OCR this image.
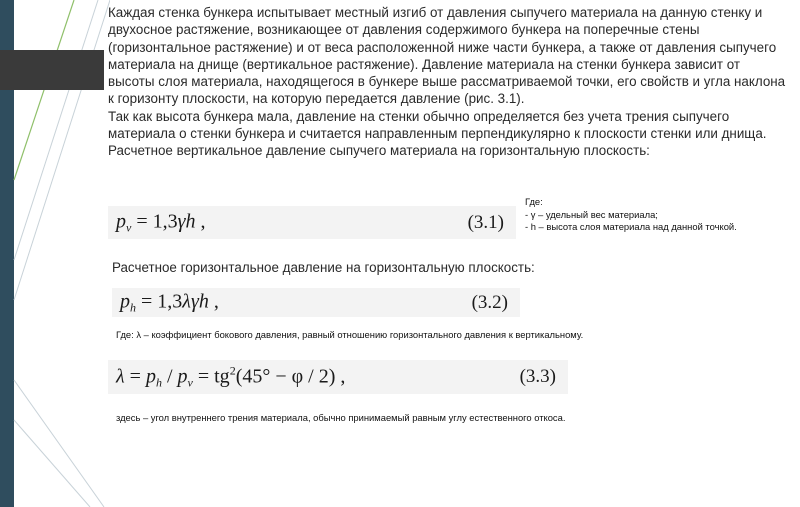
Каждая стенка бункера испытывает местный изгиб от давления сыпучего материала на данную стенку и двухосное растяжение, возникающее от давления содержимого бункера на поперечные стены (горизонтальное растяжение) и от веса расположенной ниже части бункера, а также от давления сыпучего материала на днище (вертикальное растяжение). Давление материала на стенки бункера зависит от высоты слоя материала, находящегося в бункере выше рассматриваемой точки, его свойств и угла наклона к горизонту плоскости, на которую передается давление (рис. 3.1).

Так как высота бункера мала, давление на стенки обычно определяется без учета трения сыпучего материала о стенки бункера и считается направленным перпендикулярно к плоскости стенки или днища. Расчетное вертикальное давление сыпучего материала на горизонтальную плоскость:

$p_v = 1,3\gamma h$ ,	(3.1)
Где:
- γ – удельный вес материала;
- h – высота слоя материала над данной точкой.
Расчетное горизонтальное давление на горизонтальную плоскость:
$p_h = 1,3\lambda\gamma h$ ,	(3.2)
Где: λ – коэффициент бокового давления, равный отношению горизонтального давления к вертикальному.
$\lambda = p_h / p_v = tg^2(45^\circ - \varphi / 2)$ ,	(3.3)
здесь – угол внутреннего трения материала, обычно принимаемый равным углу естественного откоса.
